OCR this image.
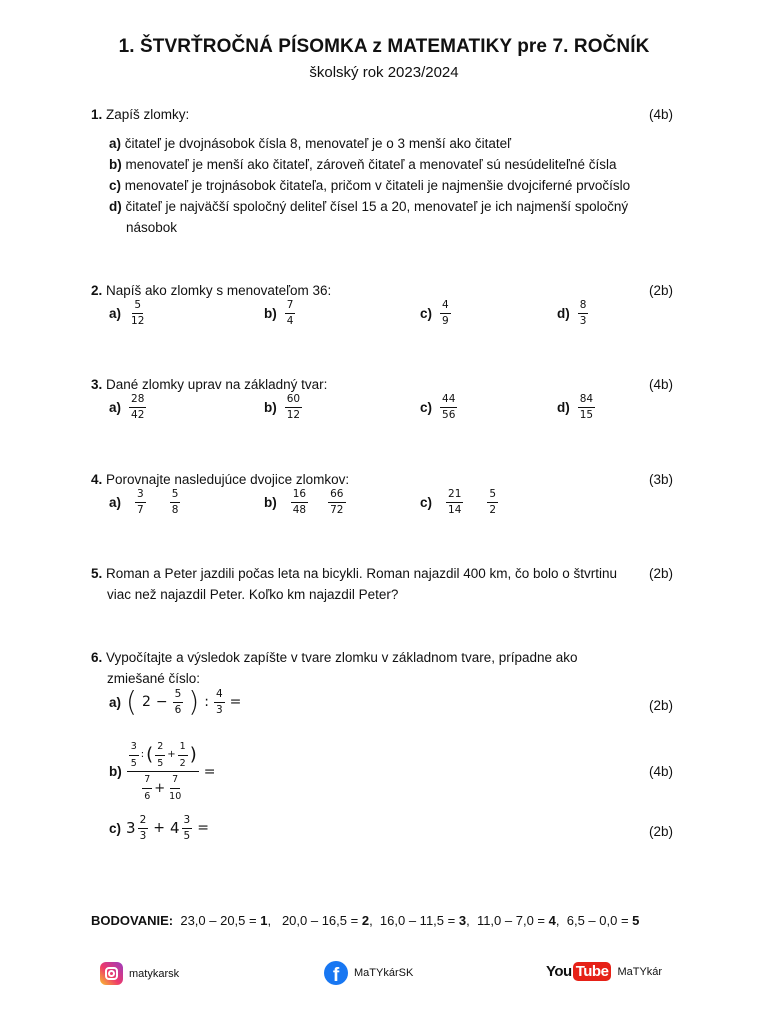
1. ŠTVRŤROČNÁ PÍSOMKA z MATEMATIKY pre 7. ROČNÍK
školský rok 2023/2024
1. Zapíš zlomky:	(4b)
a) čitateľ je dvojnásobok čísla 8, menovateľ je o 3 menší ako čitateľ
b) menovateľ je menší ako čitateľ, zároveň čitateľ a menovateľ sú nesúdeliteľné čísla
c) menovateľ je trojnásobok čitateľa, pričom v čitateli je najmenšie dvojciferné prvočíslo
d) čitateľ je najväčší spoločný deliteľ čísel 15 a 20, menovateľ je ich najmenší spoločný
násobok
2. Napíš ako zlomky s menovateľom 36:	(2b)
$a) \frac{5}{12}$	$b) \frac{7}{4}$	$c) \frac{4}{9}$	$d) \frac{8}{3}$
3. Dané zlomky uprav na základný tvar:	(4b)
$a) \frac{28}{42}$	$b) \frac{60}{12}$	$c) \frac{44}{56}$	$d) \frac{84}{15}$
4. Porovnajte nasledujúce dvojice zlomkov:	(3b)
$a) \frac{3}{7} \frac{5}{8}$	$b) \frac{16}{48} \frac{66}{72}$	$c) \frac{21}{14} \frac{5}{2}$
5. Roman a Peter jazdili počas leta na bicykli. Roman najazdil 400 km, čo bolo o štvrtinu
viac než najazdil Peter. Koľko km najazdil Peter?
(2b)
6. Vypočítajte a výsledok zapíšte v tvare zlomku v základnom tvare, prípadne ako
zmiešané číslo:
a) ( $2 - \frac{5}{6}$ ) : $\frac{4}{3}$ =	(2b)
$b) \frac{\frac{3}{5} : ( \frac{2}{5} + \frac{1}{2} )}{\frac{7}{6} + \frac{7}{10}}$ =	(4b)
c) $3 \frac{2}{3} + 4 \frac{3}{5}$ =	(2b)
BODOVANIE: 23,0 – 20,5 = 1, 20,0 – 16,5 = 2, 16,0 – 11,5 = 3, 11,0 – 7,0 = 4, 6,5 – 0,0 = 5
matykarsk	f	MaTYkárSK	You Tube MaTYkár
